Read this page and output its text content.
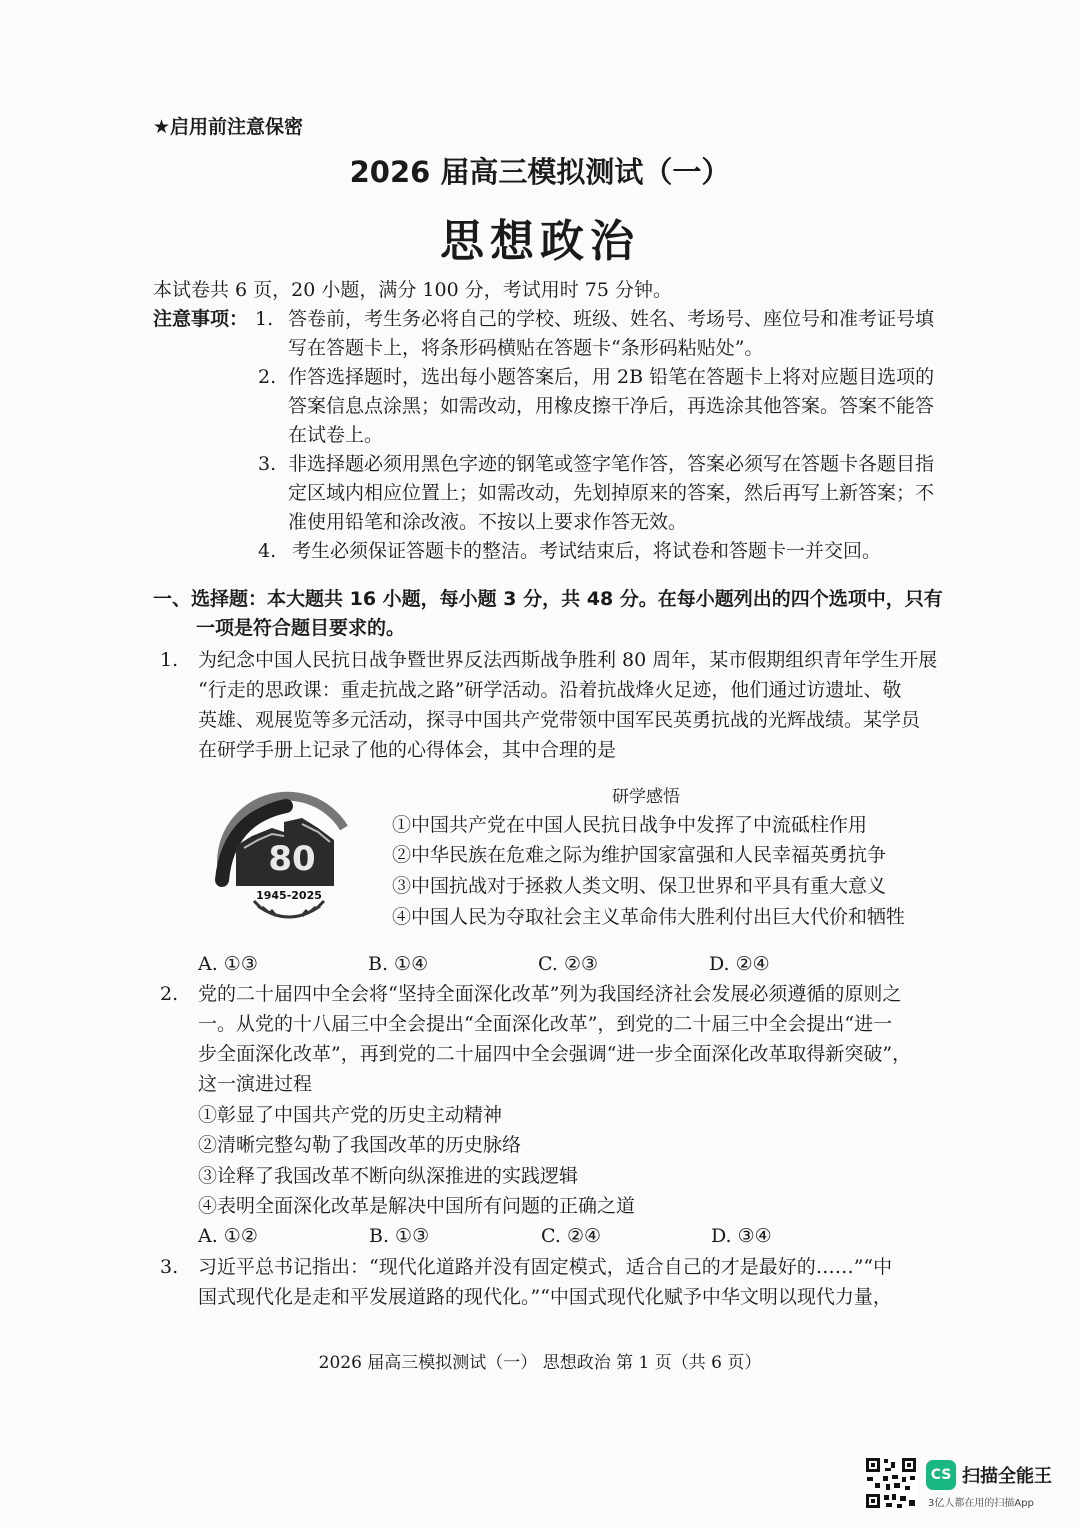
★启用前注意保密
2026 届高三模拟测试（一）
思想政治
本试卷共 6 页，20 小题，满分 100 分，考试用时 75 分钟。
注意事项： 1. 答卷前，考生务必将自己的学校、班级、姓名、考场号、座位号和准考证号填
写在答题卡上，将条形码横贴在答题卡“条形码粘贴处”。
2. 作答选择题时，选出每小题答案后，用 2B 铅笔在答题卡上将对应题目选项的
答案信息点涂黑；如需改动，用橡皮擦干净后，再选涂其他答案。答案不能答
在试卷上。
3. 非选择题必须用黑色字迹的钢笔或签字笔作答，答案必须写在答题卡各题目指
定区域内相应位置上；如需改动，先划掉原来的答案，然后再写上新答案；不
准使用铅笔和涂改液。不按以上要求作答无效。
4. 考生必须保证答题卡的整洁。考试结束后，将试卷和答题卡一并交回。
一、选择题：本大题共 16 小题，每小题 3 分，共 48 分。在每小题列出的四个选项中，只有
一项是符合题目要求的。
1. 为纪念中国人民抗日战争暨世界反法西斯战争胜利 80 周年，某市假期组织青年学生开展
“行走的思政课：重走抗战之路”研学活动。沿着抗战烽火足迹，他们通过访遗址、敬
英雄、观展览等多元活动，探寻中国共产党带领中国军民英勇抗战的光辉战绩。某学员
在研学手册上记录了他的心得体会，其中合理的是
研学感悟
80
1945-2025
①中国共产党在中国人民抗日战争中发挥了中流砥柱作用
②中华民族在危难之际为维护国家富强和人民幸福英勇抗争
③中国抗战对于拯救人类文明、保卫世界和平具有重大意义
④中国人民为夺取社会主义革命伟大胜利付出巨大代价和牺牲
A. ①③	B. ①④	C. ②③	D. ②④
2. 党的二十届四中全会将“坚持全面深化改革”列为我国经济社会发展必须遵循的原则之
一。从党的十八届三中全会提出“全面深化改革”，到党的二十届三中全会提出“进一
步全面深化改革”，再到党的二十届四中全会强调“进一步全面深化改革取得新突破”，
这一演进过程
①彰显了中国共产党的历史主动精神
②清晰完整勾勒了我国改革的历史脉络
③诠释了我国改革不断向纵深推进的实践逻辑
④表明全面深化改革是解决中国所有问题的正确之道
A. ①②	B. ①③	C. ②④	D. ③④
3. 习近平总书记指出：“现代化道路并没有固定模式，适合自己的才是最好的……”“中
国式现代化是走和平发展道路的现代化。”“中国式现代化赋予中华文明以现代力量，
2026 届高三模拟测试（一） 思想政治 第 1 页（共 6 页）
CS 扫描全能王
3亿人都在用的扫描App
